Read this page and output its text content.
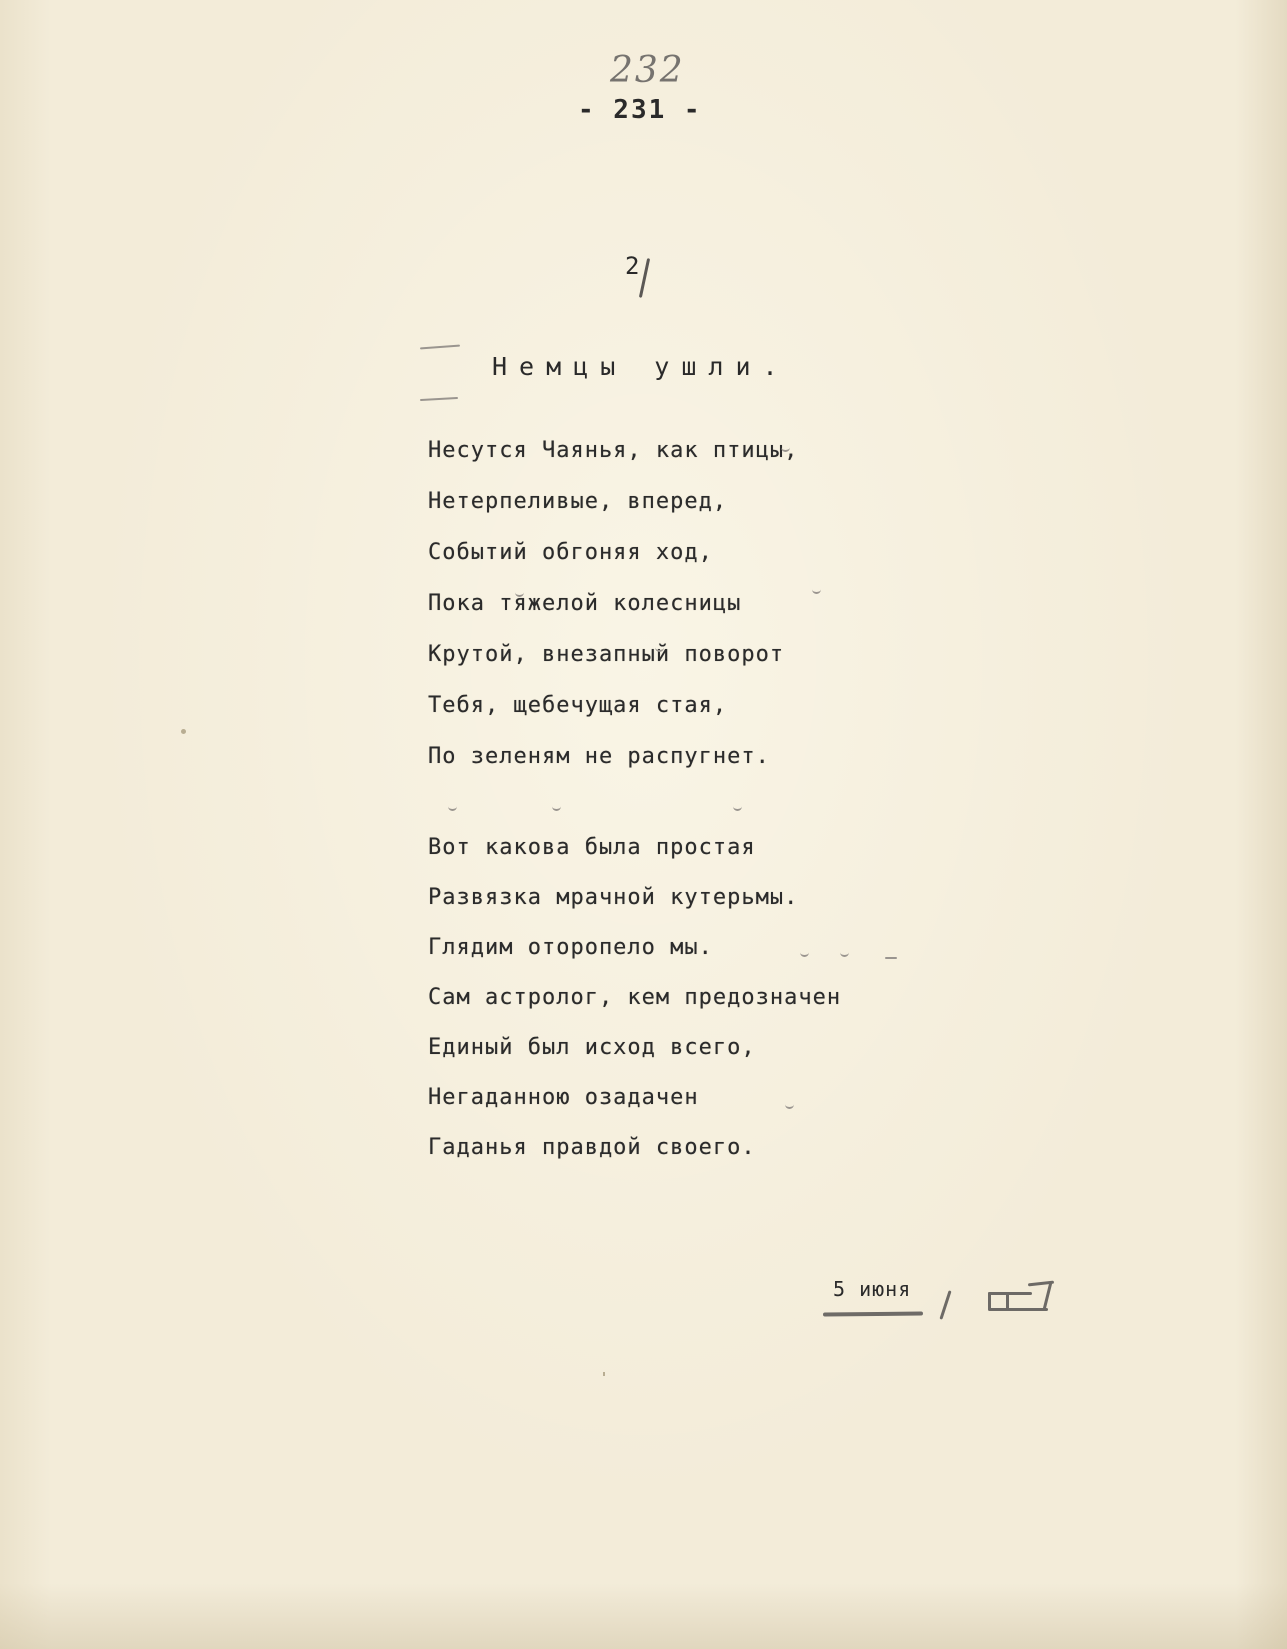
232
- 231 -
2
Немцы ушли.
Несутся Чаянья, как птицы,
Нетерпеливые, вперед,
Событий обгоняя ход,
Пока тяжелой колесницы
Крутой, внезапный поворот
Тебя, щебечущая стая,
По зеленям не распугнет.
Вот какова была простая
Развязка мрачной кутерьмы.
Глядим оторопело мы.
Сам астролог, кем предозначен
Единый был исход всего,
Негаданною озадачен
Гаданья правдой своего.
5 июня
